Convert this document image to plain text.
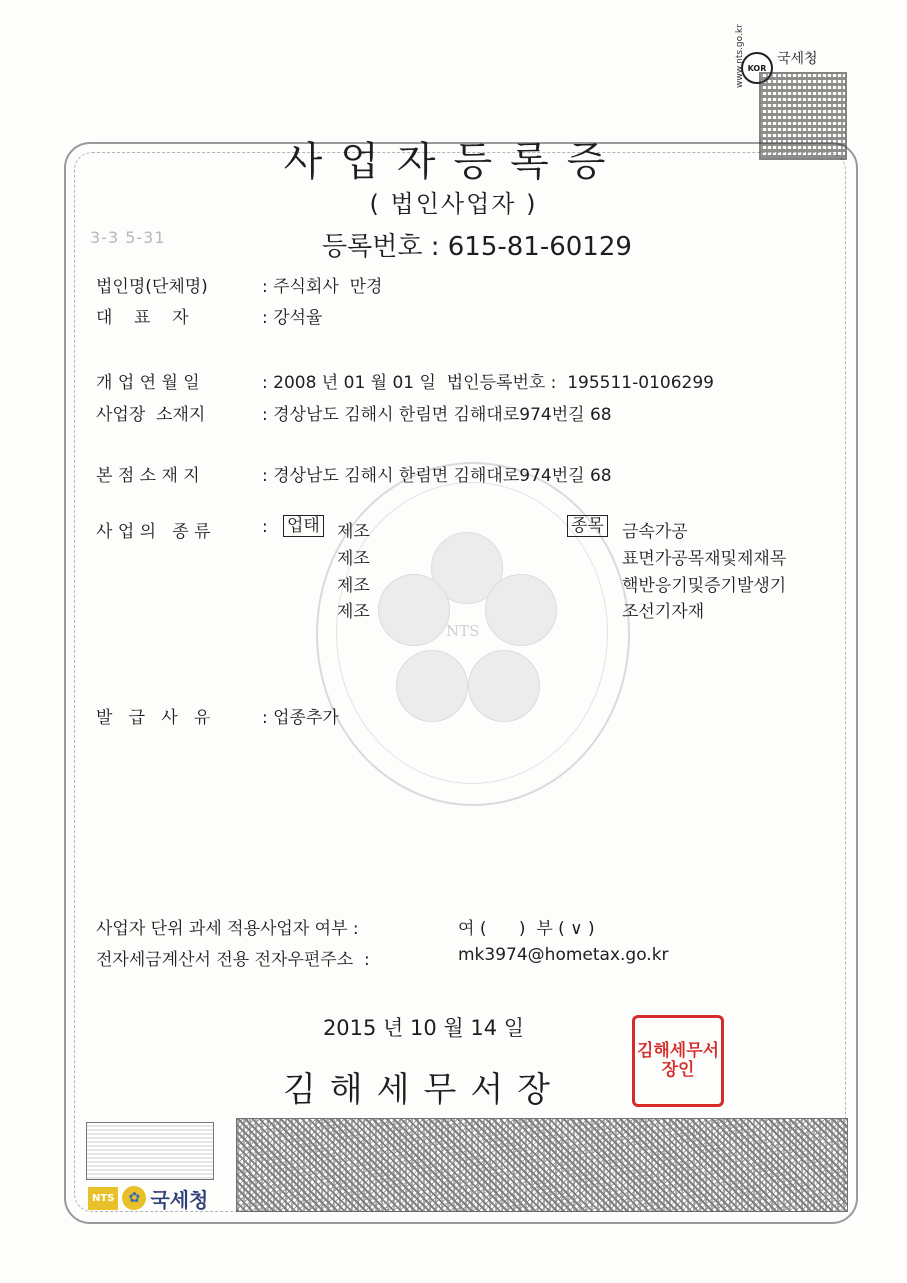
KOR
국세청
www.nts.go.kr
NTS
사업자등록증
( 법인사업자 )
3-3 5-31	등록번호 : 615-81-60129
법인명(단체명)	: 주식회사  만경
대    표    자	: 강석율
개 업 연 월 일	: 2008 년 01 월 01 일  법인등록번호 :  195511-0106299
사업장  소재지	: 경상남도 김해시 한림면 김해대로974번길 68
본 점 소 재 지	: 경상남도 김해시 한림면 김해대로974번길 68
사 업 의   종 류	: 업태	종목
제조	금속가공
제조	표면가공목재및제재목
제조	핵반응기및증기발생기
제조	조선기자재
발   급   사   유	: 업종추가
사업자 단위 과세 적용사업자 여부 :	여 (      )  부 ( ∨ )
전자세금계산서 전용 전자우편주소  :	mk3974@hometax.go.kr
2015 년 10 월 14 일
김해세무서장
김해세무서장인
NTS	✿ 국세청
